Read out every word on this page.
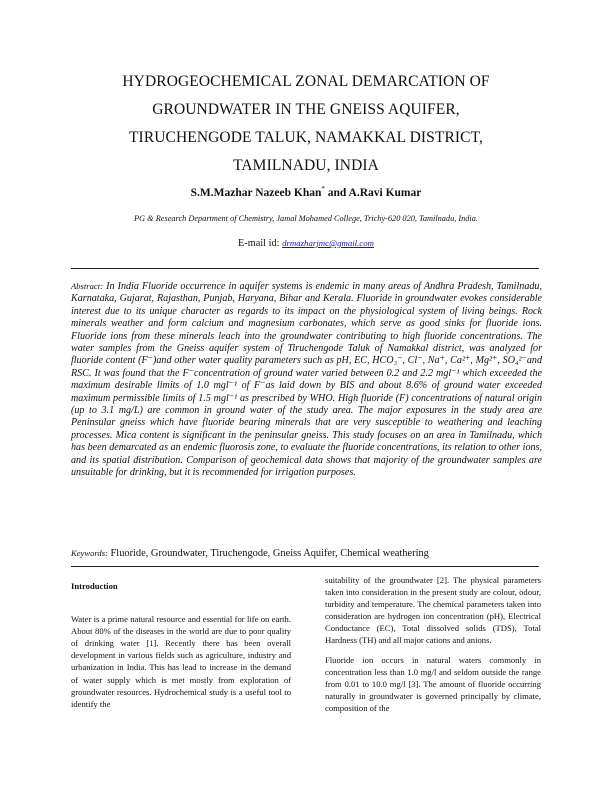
HYDROGEOCHEMICAL ZONAL DEMARCATION OF
GROUNDWATER IN THE GNEISS AQUIFER,
TIRUCHENGODE TALUK, NAMAKKAL DISTRICT,
TAMILNADU, INDIA
S.M.Mazhar Nazeeb Khan* and A.Ravi Kumar
PG & Research Department of Chemistry, Jamal Mohamed College, Trichy-620 020, Tamilnadu, India.
E-mail id: drmazharjmc@gmail.com
Abstract: In India Fluoride occurrence in aquifer systems is endemic in many areas of Andhra Pradesh, Tamilnadu, Karnataka, Gujarat, Rajasthan, Punjab, Haryana, Bihar and Kerala. Fluoride in groundwater evokes considerable interest due to its unique character as regards to its impact on the physiological system of living beings. Rock minerals weather and form calcium and magnesium carbonates, which serve as good sinks for fluoride ions. Fluoride ions from these minerals leach into the groundwater contributing to high fluoride concentrations. The water samples from the Gneiss aquifer system of Tiruchengode Taluk of Namakkal district, was analyzed for fluoride content (F⁻)and other water quality parameters such as pH, EC, HCO₃⁻, Cl⁻, Na⁺, Ca²⁺, Mg²⁺, SO₄²⁻and RSC. It was found that the F⁻concentration of ground water varied between 0.2 and 2.2 mgl⁻¹ which exceeded the maximum desirable limits of 1.0 mgl⁻¹ of F⁻as laid down by BIS and about 8.6% of ground water exceeded maximum permissible limits of 1.5 mgl⁻¹ as prescribed by WHO. High fluoride (F) concentrations of natural origin (up to 3.1 mg/L) are common in ground water of the study area. The major exposures in the study area are Peninsular gneiss which have fluoride bearing minerals that are very susceptible to weathering and leaching processes. Mica content is significant in the peninsular gneiss. This study focuses on an area in Tamilnadu, which has been demarcated as an endemic fluorosis zone, to evaluate the fluoride concentrations, its relation to other ions, and its spatial distribution. Comparison of geochemical data shows that majority of the groundwater samples are unsuitable for drinking, but it is recommended for irrigation purposes.
Keywords: Fluoride, Groundwater, Tiruchengode, Gneiss Aquifer, Chemical weathering
Introduction

Water is a prime natural resource and essential for life on earth. About 80% of the diseases in the world are due to poor quality of drinking water [1]. Recently there has been overall development in various fields such as agriculture, industry and urbanization in India. This has lead to increase in the demand of water supply which is met mostly from exploration of groundwater resources. Hydrochemical study is a useful tool to identify the

suitability of the groundwater [2]. The physical parameters taken into consideration in the present study are colour, odour, turbidity and temperature. The chemical parameters taken into consideration are hydrogen ion concentration (pH), Electrical Conductance (EC), Total dissolved solids (TDS), Total Hardness (TH) and all major cations and anions.

Fluoride ion occurs in natural waters commonly in concentration less than 1.0 mg/l and seldom outside the range from 0.01 to 10.0 mg/l [3]. The amount of fluoride occurring naturally in groundwater is governed principally by climate, composition of the
